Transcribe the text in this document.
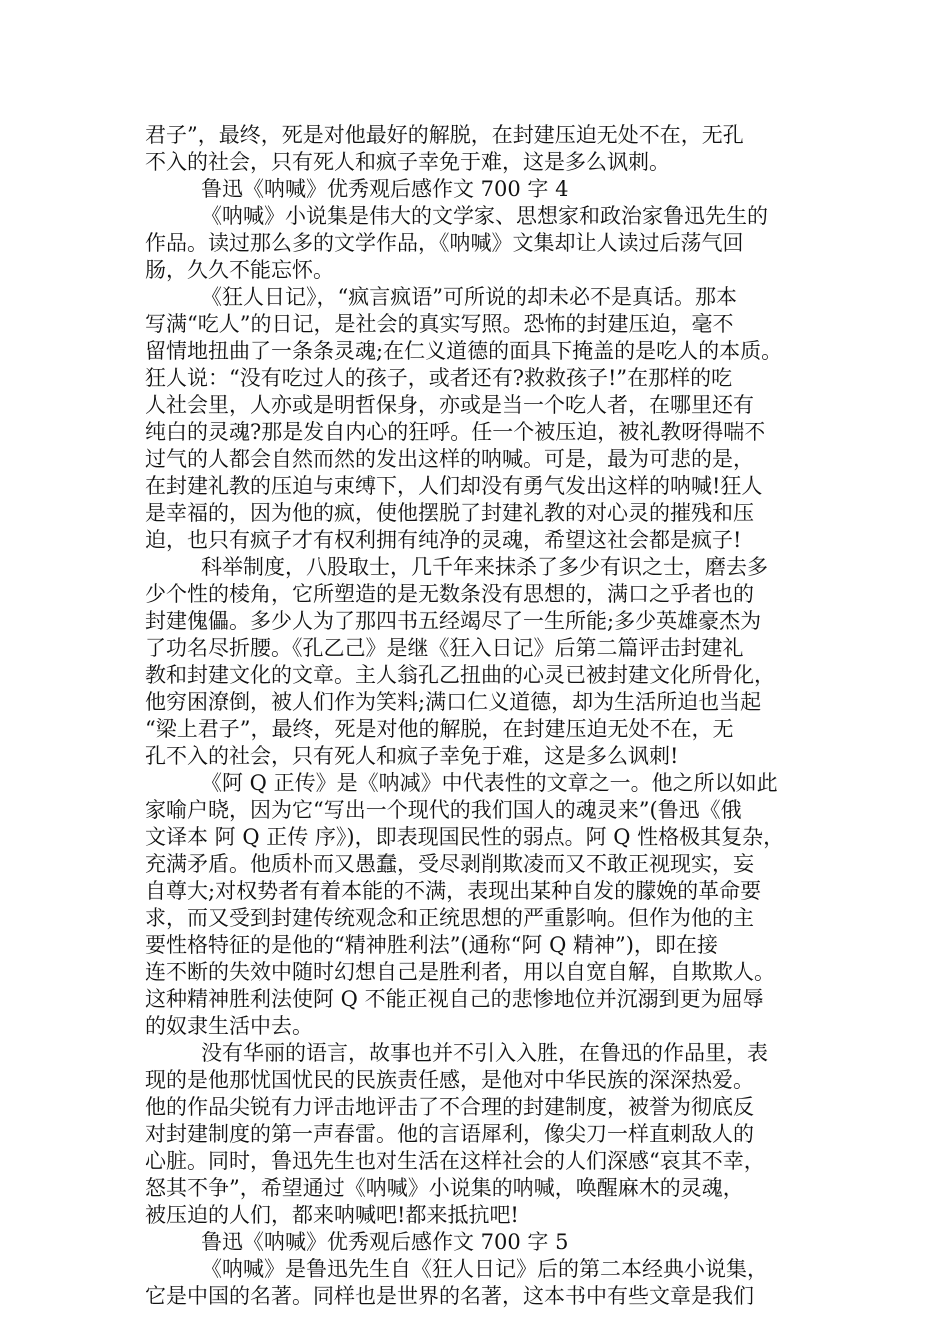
君子”，最终，死是对他最好的解脱，在封建压迫无处不在，无孔
不入的社会，只有死人和疯子幸免于难，这是多么讽刺。
鲁迅《呐喊》优秀观后感作文 700 字 4
《呐喊》小说集是伟大的文学家、思想家和政治家鲁迅先生的
作品。读过那么多的文学作品，《呐喊》文集却让人读过后荡气回
肠，久久不能忘怀。
《狂人日记》，“疯言疯语”可所说的却未必不是真话。那本
写满“吃人”的日记，是社会的真实写照。恐怖的封建压迫，毫不
留情地扭曲了一条条灵魂;在仁义道德的面具下掩盖的是吃人的本质。
狂人说：“没有吃过人的孩子，或者还有?救救孩子!”在那样的吃
人社会里，人亦或是明哲保身，亦或是当一个吃人者，在哪里还有
纯白的灵魂?那是发自内心的狂呼。任一个被压迫，被礼教呀得喘不
过气的人都会自然而然的发出这样的呐喊。可是，最为可悲的是，
在封建礼教的压迫与束缚下，人们却没有勇气发出这样的呐喊!狂人
是幸福的，因为他的疯，使他摆脱了封建礼教的对心灵的摧残和压
迫，也只有疯子才有权利拥有纯净的灵魂，希望这社会都是疯子!
科举制度，八股取士，几千年来抹杀了多少有识之士，磨去多
少个性的棱角，它所塑造的是无数条没有思想的，满口之乎者也的
封建傀儡。多少人为了那四书五经竭尽了一生所能;多少英雄豪杰为
了功名尽折腰。《孔乙己》是继《狂入日记》后第二篇评击封建礼
教和封建文化的文章。主人翁孔乙扭曲的心灵已被封建文化所骨化，
他穷困潦倒，被人们作为笑料;满口仁义道德，却为生活所迫也当起
“梁上君子”，最终，死是对他的解脱，在封建压迫无处不在，无
孔不入的社会，只有死人和疯子幸免于难，这是多么讽刺!
《阿 Q 正传》是《呐减》中代表性的文章之一。他之所以如此
家喻户晓，因为它“写出一个现代的我们国人的魂灵来”(鲁迅《俄
文译本 阿 Q 正传 序》)，即表现国民性的弱点。阿 Q 性格极其复杂，
充满矛盾。他质朴而又愚蠢，受尽剥削欺凌而又不敢正视现实，妄
自尊大;对权势者有着本能的不满，表现出某种自发的朦娩的革命要
求，而又受到封建传统观念和正统思想的严重影响。但作为他的主
要性格特征的是他的“精神胜利法”(通称“阿 Q 精神”)，即在接
连不断的失效中随时幻想自己是胜利者，用以自宽自解，自欺欺人。
这种精神胜利法使阿 Q 不能正视自己的悲惨地位并沉溺到更为屈辱
的奴隶生活中去。
没有华丽的语言，故事也并不引入入胜，在鲁迅的作品里，表
现的是他那忧国忧民的民族责任感，是他对中华民族的深深热爱。
他的作品尖锐有力评击地评击了不合理的封建制度，被誉为彻底反
对封建制度的第一声春雷。他的言语犀利，像尖刀一样直刺敌人的
心脏。同时，鲁迅先生也对生活在这样社会的人们深感“哀其不幸，
怒其不争”，希望通过《呐喊》小说集的呐喊，唤醒麻木的灵魂，
被压迫的人们，都来呐喊吧!都来抵抗吧!
鲁迅《呐喊》优秀观后感作文 700 字 5
《呐喊》是鲁迅先生自《狂人日记》后的第二本经典小说集，
它是中国的名著。同样也是世界的名著，这本书中有些文章是我们
